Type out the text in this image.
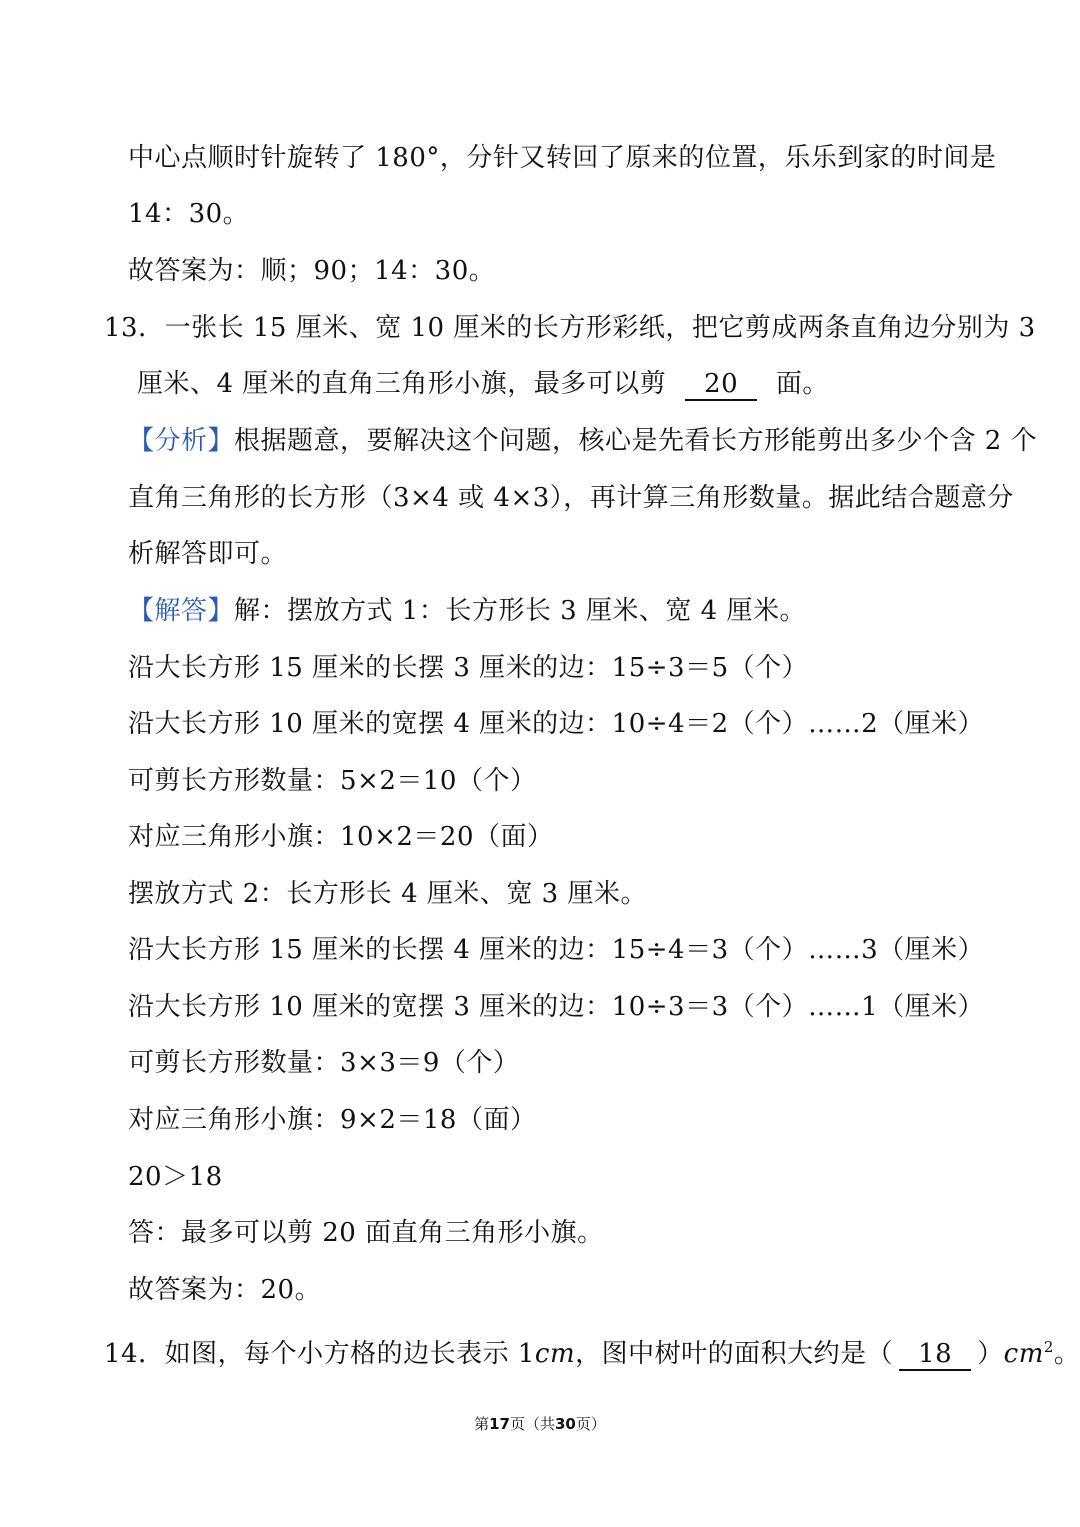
中心点顺时针旋转了 180°，分针又转回了原来的位置，乐乐到家的时间是
14：30。
故答案为：顺；90；14：30。
13．一张长 15 厘米、宽 10 厘米的长方形彩纸，把它剪成两条直角边分别为 3
厘米、4 厘米的直角三角形小旗，最多可以剪 20 面。
【分析】根据题意，要解决这个问题，核心是先看长方形能剪出多少个含 2 个
直角三角形的长方形（3×4 或 4×3），再计算三角形数量。据此结合题意分
析解答即可。
【解答】解：摆放方式 1：长方形长 3 厘米、宽 4 厘米。
沿大长方形 15 厘米的长摆 3 厘米的边：15÷3＝5（个）
沿大长方形 10 厘米的宽摆 4 厘米的边：10÷4＝2（个）……2（厘米）
可剪长方形数量：5×2＝10（个）
对应三角形小旗：10×2＝20（面）
摆放方式 2：长方形长 4 厘米、宽 3 厘米。
沿大长方形 15 厘米的长摆 4 厘米的边：15÷4＝3（个）……3（厘米）
沿大长方形 10 厘米的宽摆 3 厘米的边：10÷3＝3（个）……1（厘米）
可剪长方形数量：3×3＝9（个）
对应三角形小旗：9×2＝18（面）
20＞18
答：最多可以剪 20 面直角三角形小旗。
故答案为：20。
14．如图，每个小方格的边长表示 1cm，图中树叶的面积大约是（ 18 ）$cm^2$。
第17页（共30页）
